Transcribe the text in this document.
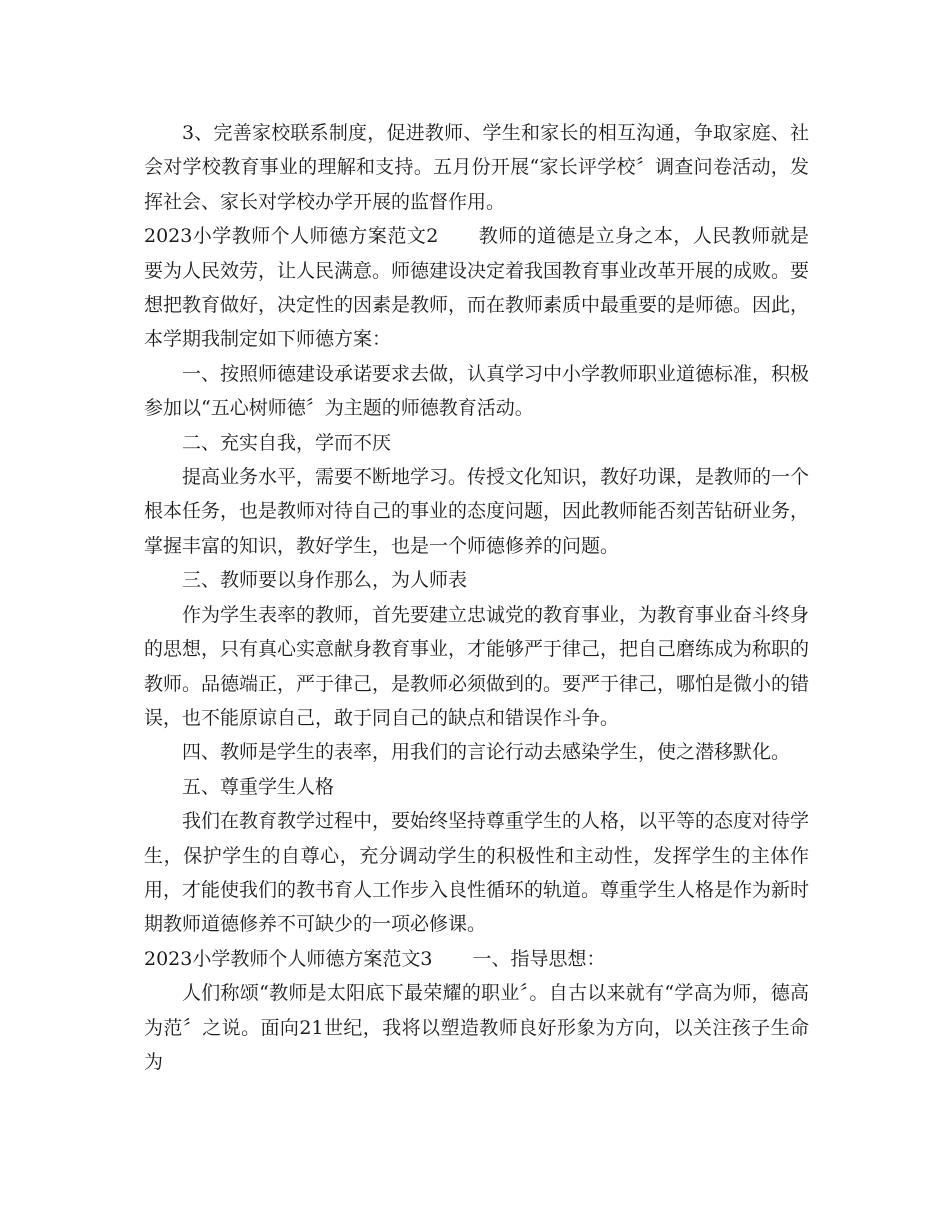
3、完善家校联系制度，促进教师、学生和家长的相互沟通，争取家庭、社会对学校教育事业的理解和支持。五月份开展“家长评学校〞调查问卷活动，发挥社会、家长对学校办学开展的监督作用。

2023小学教师个人师德方案范文2 教师的道德是立身之本，人民教师就是要为人民效劳，让人民满意。师德建设决定着我国教育事业改革开展的成败。要想把教育做好，决定性的因素是教师，而在教师素质中最重要的是师德。因此，本学期我制定如下师德方案：

一、按照师德建设承诺要求去做，认真学习中小学教师职业道德标准，积极参加以“五心树师德〞为主题的师德教育活动。

二、充实自我，学而不厌

提高业务水平，需要不断地学习。传授文化知识，教好功课，是教师的一个根本任务，也是教师对待自己的事业的态度问题，因此教师能否刻苦钻研业务，掌握丰富的知识，教好学生，也是一个师德修养的问题。

三、教师要以身作那么，为人师表

作为学生表率的教师，首先要建立忠诚党的教育事业，为教育事业奋斗终身的思想，只有真心实意献身教育事业，才能够严于律己，把自己磨练成为称职的教师。品德端正，严于律己，是教师必须做到的。要严于律己，哪怕是微小的错误，也不能原谅自己，敢于同自己的缺点和错误作斗争。

四、教师是学生的表率，用我们的言论行动去感染学生，使之潜移默化。

五、尊重学生人格

我们在教育教学过程中，要始终坚持尊重学生的人格，以平等的态度对待学生，保护学生的自尊心，充分调动学生的积极性和主动性，发挥学生的主体作用，才能使我们的教书育人工作步入良性循环的轨道。尊重学生人格是作为新时期教师道德修养不可缺少的一项必修课。

2023小学教师个人师德方案范文3 一、指导思想：

人们称颂“教师是太阳底下最荣耀的职业〞。自古以来就有“学高为师，德高为范〞之说。面向21世纪，我将以塑造教师良好形象为方向，以关注孩子生命为
